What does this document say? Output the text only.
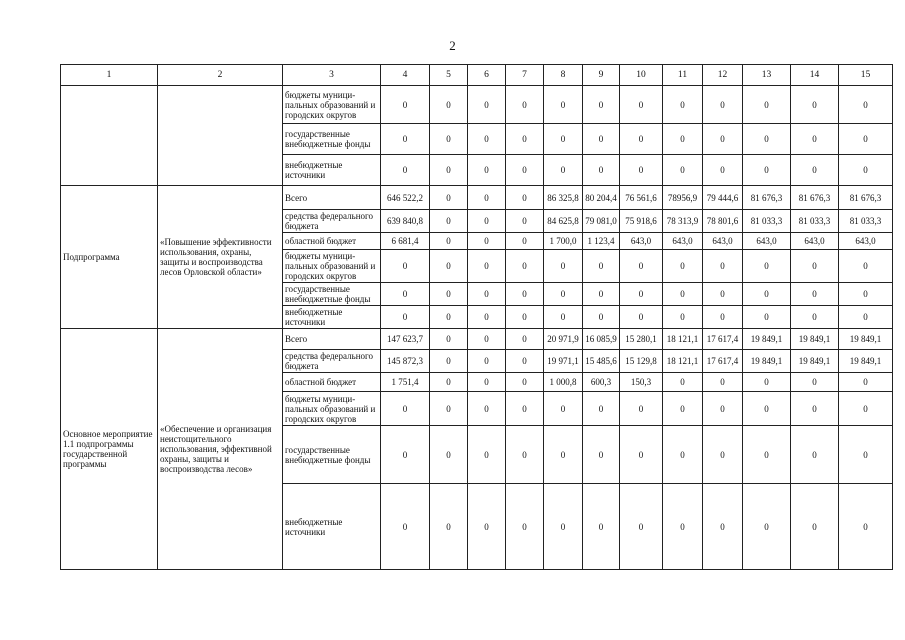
2
1	2	3	4	5	6	7	8	9	10	11	12	13	14	15
		бюджеты муници-пальных образований и городских округов	0	0	0	0	0	0	0	0	0	0	0	0
		государственные внебюджетные фонды	0	0	0	0	0	0	0	0	0	0	0	0
		внебюджетные источники	0	0	0	0	0	0	0	0	0	0	0	0
Подпрограмма	«Повышение эффективности использования, охраны, защиты и воспроизводства лесов Орловской области»	Всего	646 522,2	0	0	0	86 325,8	80 204,4	76 561,6	78956,9	79 444,6	81 676,3	81 676,3	81 676,3
		средства федерального бюджета	639 840,8	0	0	0	84 625,8	79 081,0	75 918,6	78 313,9	78 801,6	81 033,3	81 033,3	81 033,3
		областной бюджет	6 681,4	0	0	0	1 700,0	1 123,4	643,0	643,0	643,0	643,0	643,0	643,0
		бюджеты муници-пальных образований и городских округов	0	0	0	0	0	0	0	0	0	0	0	0
		государственные внебюджетные фонды	0	0	0	0	0	0	0	0	0	0	0	0
		внебюджетные источники	0	0	0	0	0	0	0	0	0	0	0	0
Основное мероприятие 1.1 подпрограммы государственной программы	«Обеспечение и организация неистощительного использования, эффективной охраны, защиты и воспроизводства лесов»	Всего	147 623,7	0	0	0	20 971,9	16 085,9	15 280,1	18 121,1	17 617,4	19 849,1	19 849,1	19 849,1
		средства федерального бюджета	145 872,3	0	0	0	19 971,1	15 485,6	15 129,8	18 121,1	17 617,4	19 849,1	19 849,1	19 849,1
		областной бюджет	1 751,4	0	0	0	1 000,8	600,3	150,3	0	0	0	0	0
		бюджеты муници-пальных образований и городских округов	0	0	0	0	0	0	0	0	0	0	0	0
		государственные внебюджетные фонды	0	0	0	0	0	0	0	0	0	0	0	0
		внебюджетные источники	0	0	0	0	0	0	0	0	0	0	0	0
